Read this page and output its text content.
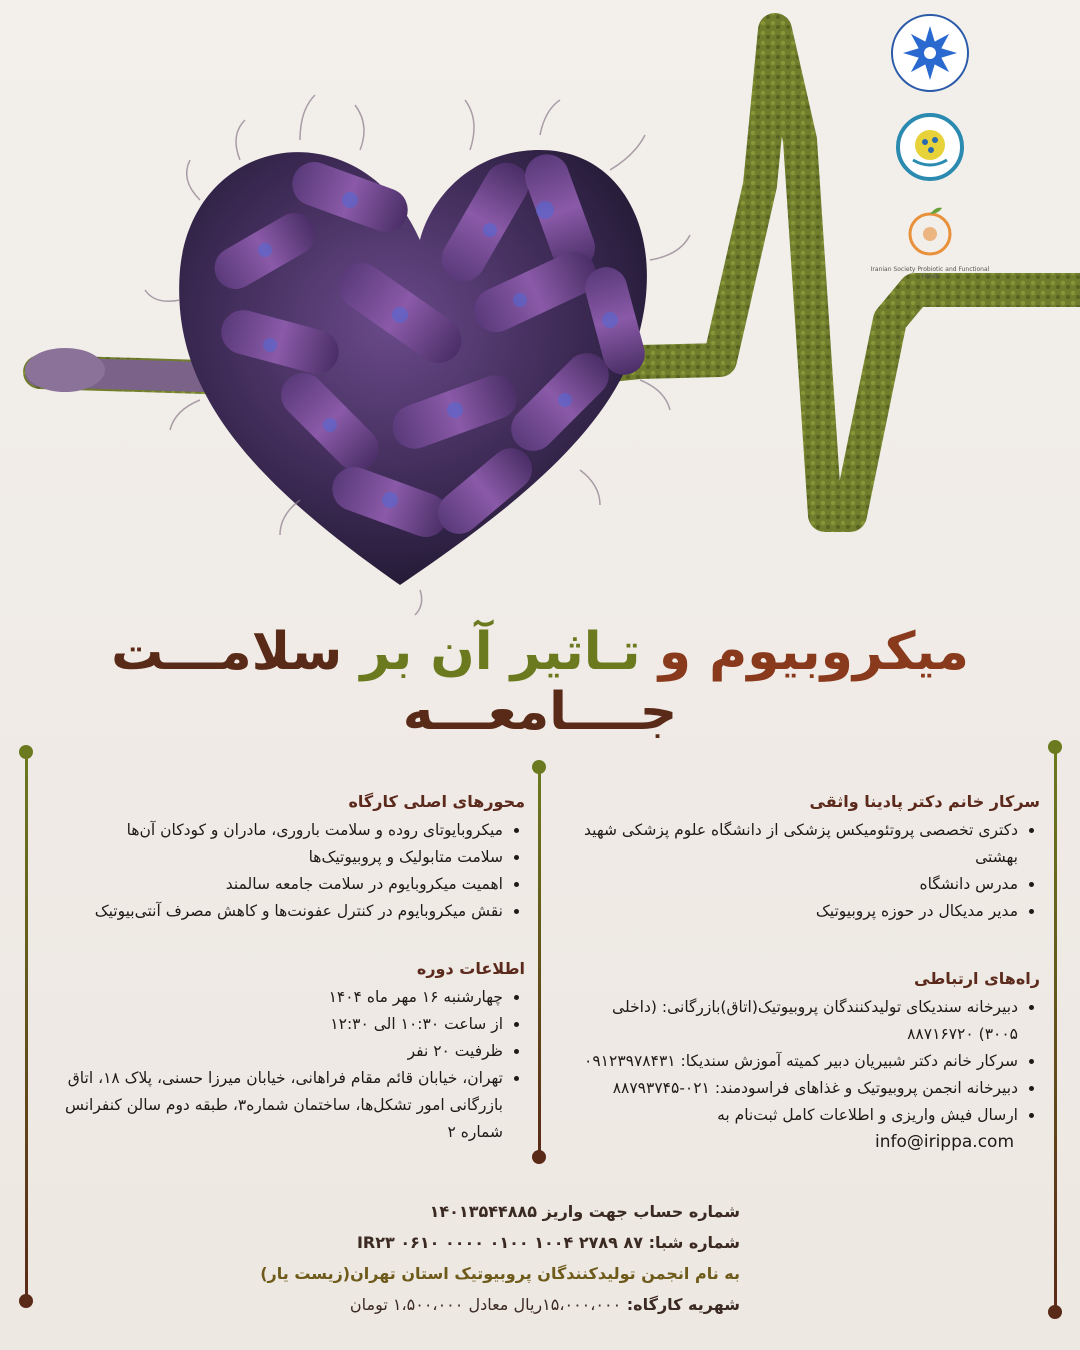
Iranian Society Probiotic and Functional Foods
میکروبیوم و تـاثیر آن بر سلامـــت جــــامعـــه
سرکار خانم دکتر پادینا واثقی
• دکتری تخصصی پروتئومیکس پزشکی از دانشگاه علوم پزشکی شهید بهشتی
• مدرس دانشگاه
• مدیر مدیکال در حوزه پروبیوتیک
راه‌های ارتباطی
• دبیرخانه سندیکای تولیدکنندگان پروبیوتیک(اتاق)بازرگانی: (داخلی ۳۰۰۵) ۸۸۷۱۶۷۲۰
• سرکار خانم دکتر شبیریان دبیر کمیته آموزش سندیکا: ۰۹۱۲۳۹۷۸۴۳۱
• دبیرخانه انجمن پروبیوتیک و غذاهای فراسودمند: ۰۲۱-۸۸۷۹۳۷۴۵
• ارسال فیش واریزی و اطلاعات کامل ثبت‌نام به
info@irippa.com
محورهای اصلی کارگاه
• میکروبایوتای روده و سلامت باروری، مادران و کودکان آن‌ها
• سلامت متابولیک و پروبیوتیک‌ها
• اهمیت میکروبایوم در سلامت جامعه سالمند
• نقش میکروبایوم در کنترل عفونت‌ها و کاهش مصرف آنتی‌بیوتیک
اطلاعات دوره
• چهارشنبه ۱۶ مهر ماه ۱۴۰۴
• از ساعت ۱۰:۳۰ الی ۱۲:۳۰
• ظرفیت ۲۰ نفر
• تهران، خیابان قائم مقام فراهانی، خیابان میرزا حسنی، پلاک ۱۸، اتاق بازرگانی امور تشکل‌ها، ساختمان شماره۳، طبقه دوم سالن کنفرانس شماره ۲
شماره حساب جهت واریز ۱۴۰۱۳۵۴۴۸۸۵
شماره شبا: IR۲۳ ۰۶۱۰ ۰۰۰۰ ۰۱۰۰ ۱۰۰۴ ۲۷۸۹ ۸۷
به نام انجمن تولیدکنندگان پروبیوتیک استان تهران(زیست یار)
شهریه کارگاه: ۱۵،۰۰۰،۰۰۰ریال معادل ۱،۵۰۰،۰۰۰ تومان
